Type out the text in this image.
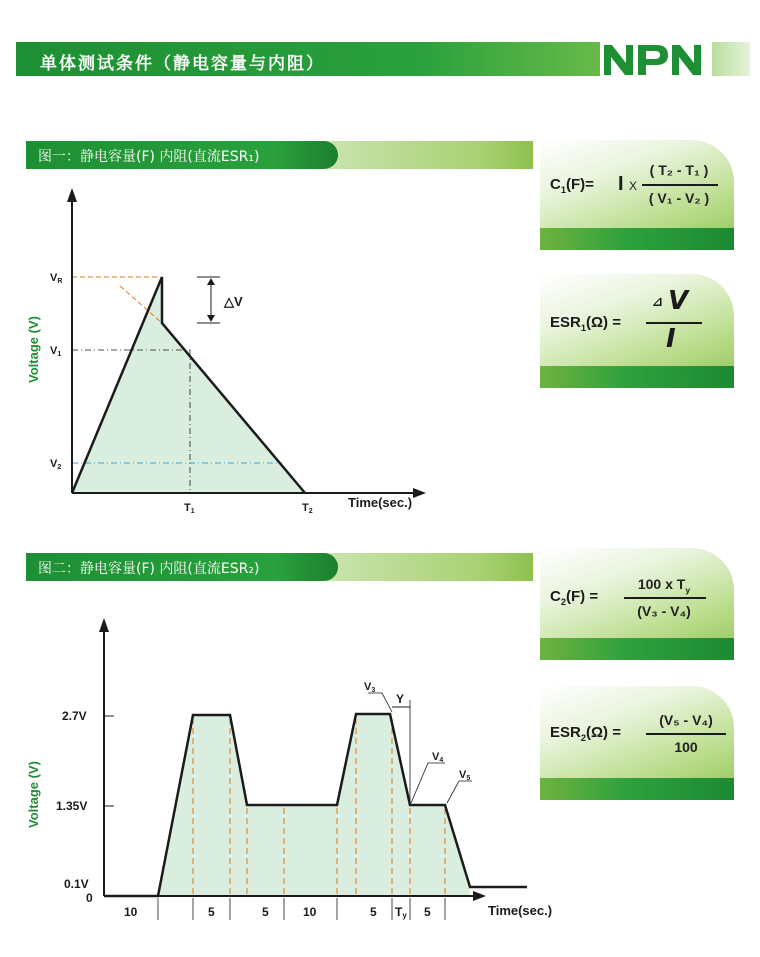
单体测试条件（静电容量与内阻）
图一：静电容量(F) 内阻(直流ESR₁)
△V
VR
V1
V2
T1	T2
Time(sec.)
Voltage (V)
$C_1(F)= I$ X
( T₂ - T₁ )
( V₁ - V₂ )
$ESR_1(\Omega)$ =
⊿ V
I
图二：静电容量(F) 内阻(直流ESR₂)
Y
V3
V4
V5
10	5	5	10	5 Ty 5
2.7V
1.35V
0.1V
0
Time(sec.)
Voltage (V)
$C_2(F)$ =
100 x $T_y$
(V₃ - V₄)
$ESR_2(\Omega)$ =
(V₅ - V₄)
100
